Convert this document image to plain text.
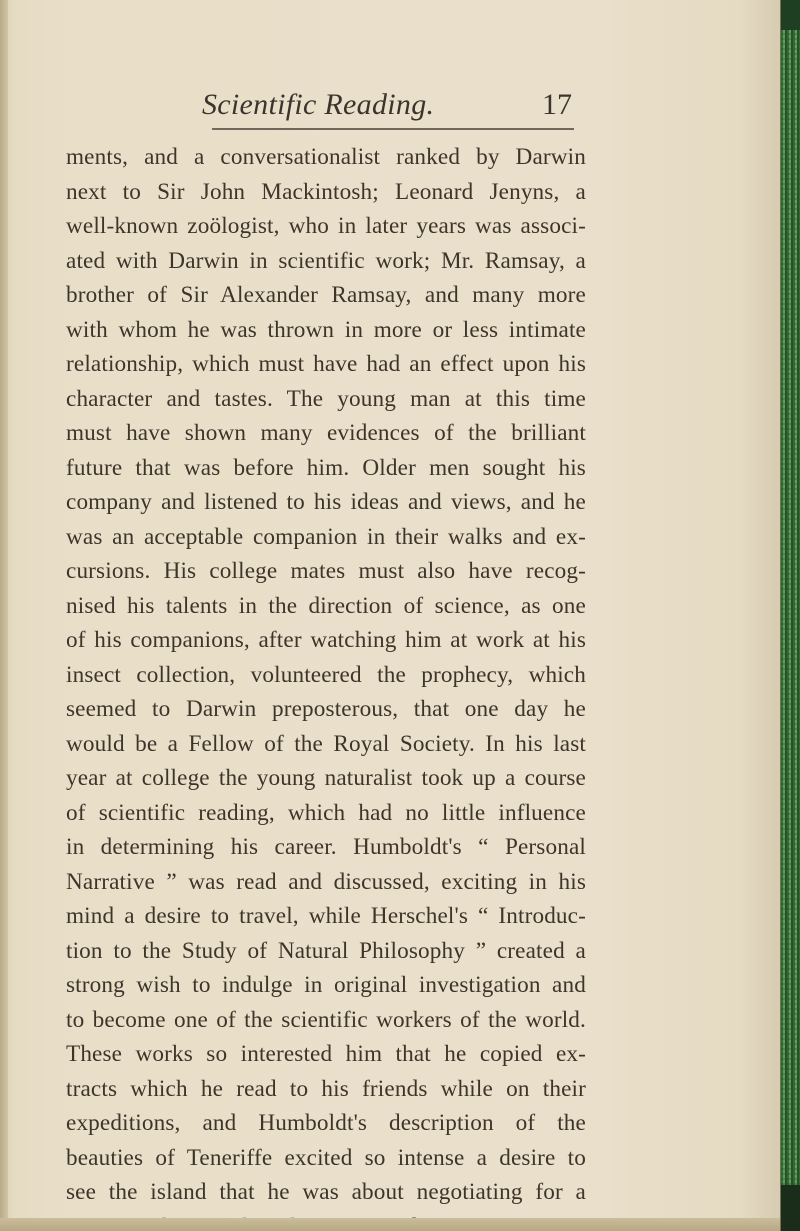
Scientific Reading.	17
ments, and a conversationalist ranked by Darwin
next to Sir John Mackintosh; Leonard Jenyns, a
well-known zoölogist, who in later years was associ-
ated with Darwin in scientific work; Mr. Ramsay, a
brother of Sir Alexander Ramsay, and many more
with whom he was thrown in more or less intimate
relationship, which must have had an effect upon his
character and tastes. The young man at this time
must have shown many evidences of the brilliant
future that was before him. Older men sought his
company and listened to his ideas and views, and he
was an acceptable companion in their walks and ex-
cursions. His college mates must also have recog-
nised his talents in the direction of science, as one
of his companions, after watching him at work at his
insect collection, volunteered the prophecy, which
seemed to Darwin preposterous, that one day he
would be a Fellow of the Royal Society. In his last
year at college the young naturalist took up a course
of scientific reading, which had no little influence
in determining his career. Humboldt's “ Personal
Narrative ” was read and discussed, exciting in his
mind a desire to travel, while Herschel's “ Introduc-
tion to the Study of Natural Philosophy ” created a
strong wish to indulge in original investigation and
to become one of the scientific workers of the world.
These works so interested him that he copied ex-
tracts which he read to his friends while on their
expeditions, and Humboldt's description of the
beauties of Teneriffe excited so intense a desire to
see the island that he was about negotiating for a
